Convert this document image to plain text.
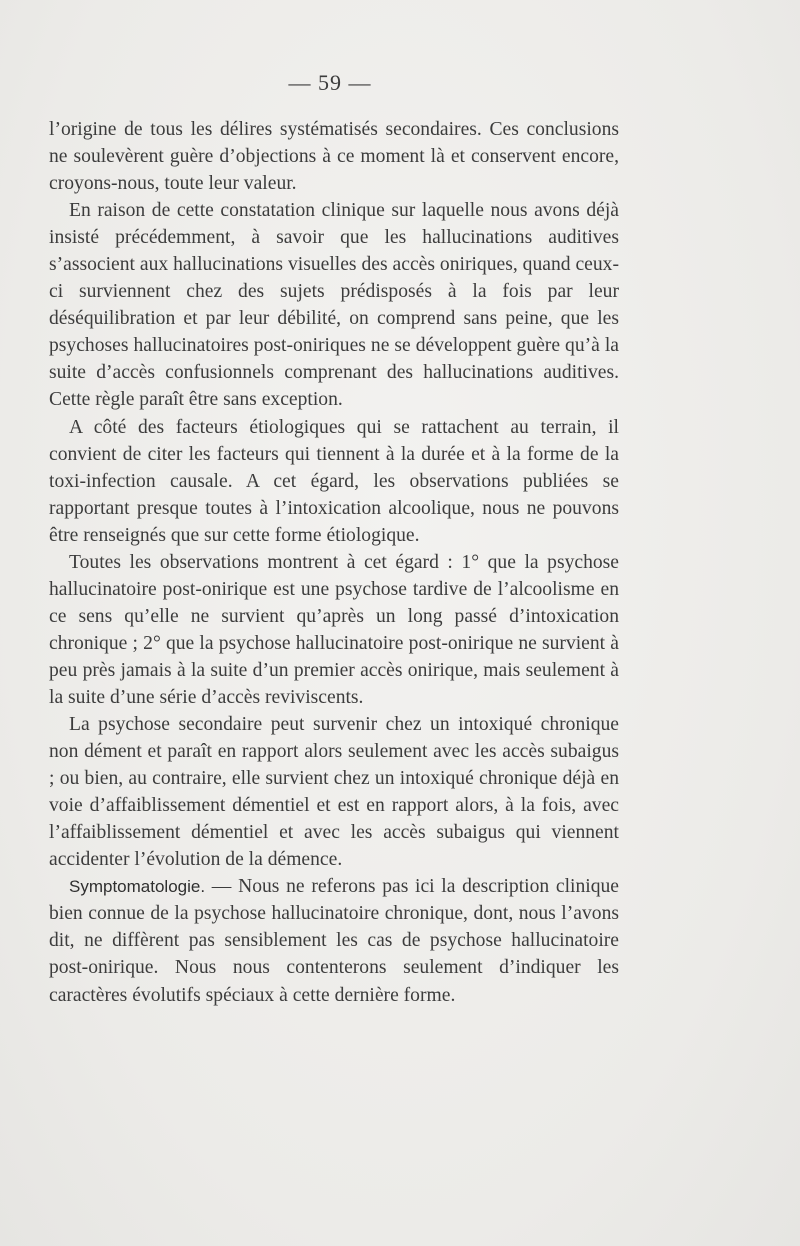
— 59 —

l’origine de tous les délires systématisés secondaires. Ces conclusions ne soulevèrent guère d’objections à ce moment là et conservent encore, croyons-nous, toute leur valeur.

En raison de cette constatation clinique sur laquelle nous avons déjà insisté précédemment, à savoir que les hallucinations auditives s’associent aux hallucinations visuelles des accès oniriques, quand ceux-ci surviennent chez des sujets prédisposés à la fois par leur déséquilibration et par leur débilité, on comprend sans peine, que les psychoses hallucinatoires post-oniriques ne se développent guère qu’à la suite d’accès confusionnels comprenant des hallucinations auditives. Cette règle paraît être sans exception.

A côté des facteurs étiologiques qui se rattachent au terrain, il convient de citer les facteurs qui tiennent à la durée et à la forme de la toxi-infection causale. A cet égard, les observations publiées se rapportant presque toutes à l’intoxication alcoolique, nous ne pouvons être renseignés que sur cette forme étiologique.

Toutes les observations montrent à cet égard : 1° que la psychose hallucinatoire post-onirique est une psychose tardive de l’alcoolisme en ce sens qu’elle ne survient qu’après un long passé d’intoxication chronique ; 2° que la psychose hallucinatoire post-onirique ne survient à peu près jamais à la suite d’un premier accès onirique, mais seulement à la suite d’une série d’accès reviviscents.

La psychose secondaire peut survenir chez un intoxiqué chronique non dément et paraît en rapport alors seulement avec les accès subaigus ; ou bien, au contraire, elle survient chez un intoxiqué chronique déjà en voie d’affaiblissement démentiel et est en rapport alors, à la fois, avec l’affaiblissement démentiel et avec les accès subaigus qui viennent accidenter l’évolution de la démence.

Symptomatologie. — Nous ne referons pas ici la description clinique bien connue de la psychose hallucinatoire chronique, dont, nous l’avons dit, ne diffèrent pas sensiblement les cas de psychose hallucinatoire post-onirique. Nous nous contenterons seulement d’indiquer les caractères évolutifs spéciaux à cette dernière forme.
